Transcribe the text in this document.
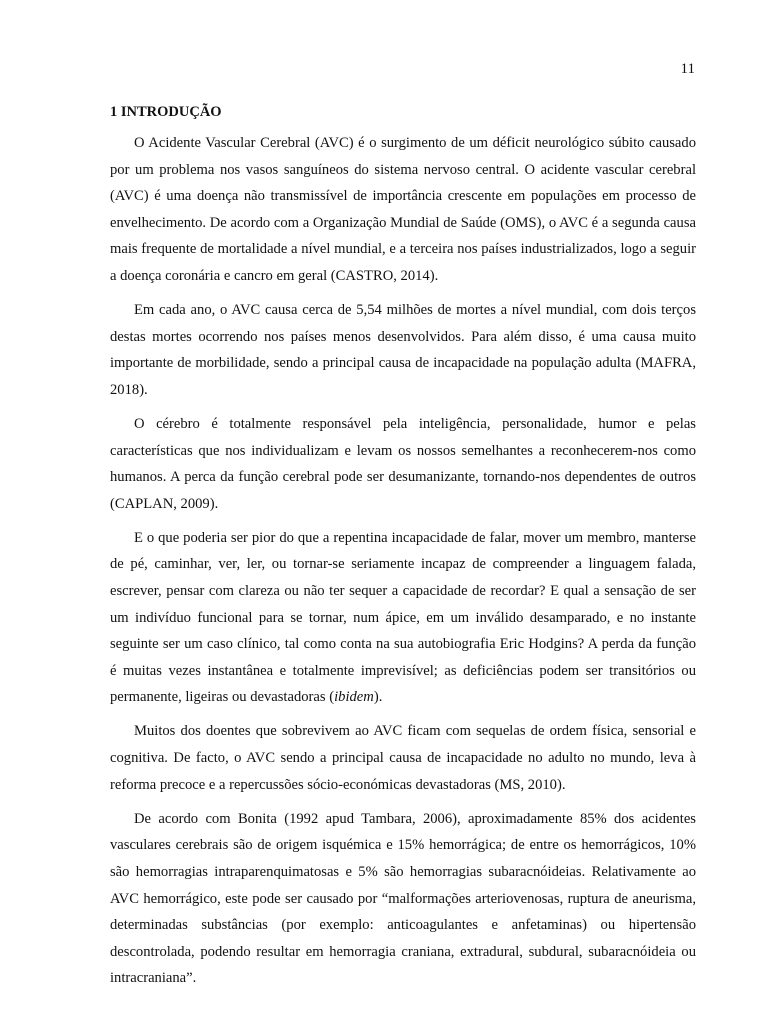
11
1 INTRODUÇÃO

O Acidente Vascular Cerebral (AVC) é o surgimento de um déficit neurológico súbito causado por um problema nos vasos sanguíneos do sistema nervoso central. O acidente vascular cerebral (AVC) é uma doença não transmissível de importância crescente em populações em processo de envelhecimento. De acordo com a Organização Mundial de Saúde (OMS), o AVC é a segunda causa mais frequente de mortalidade a nível mundial, e a terceira nos países industrializados, logo a seguir a doença coronária e cancro em geral (CASTRO, 2014).

Em cada ano, o AVC causa cerca de 5,54 milhões de mortes a nível mundial, com dois terços destas mortes ocorrendo nos países menos desenvolvidos. Para além disso, é uma causa muito importante de morbilidade, sendo a principal causa de incapacidade na população adulta (MAFRA, 2018).

O cérebro é totalmente responsável pela inteligência, personalidade, humor e pelas características que nos individualizam e levam os nossos semelhantes a reconhecerem-nos como humanos. A perca da função cerebral pode ser desumanizante, tornando-nos dependentes de outros (CAPLAN, 2009).

E o que poderia ser pior do que a repentina incapacidade de falar, mover um membro, manterse de pé, caminhar, ver, ler, ou tornar-se seriamente incapaz de compreender a linguagem falada, escrever, pensar com clareza ou não ter sequer a capacidade de recordar? E qual a sensação de ser um indivíduo funcional para se tornar, num ápice, em um inválido desamparado, e no instante seguinte ser um caso clínico, tal como conta na sua autobiografia Eric Hodgins? A perda da função é muitas vezes instantânea e totalmente imprevisível; as deficiências podem ser transitórios ou permanente, ligeiras ou devastadoras (ibidem).

Muitos dos doentes que sobrevivem ao AVC ficam com sequelas de ordem física, sensorial e cognitiva. De facto, o AVC sendo a principal causa de incapacidade no adulto no mundo, leva à reforma precoce e a repercussões sócio-económicas devastadoras (MS, 2010).

De acordo com Bonita (1992 apud Tambara, 2006), aproximadamente 85% dos acidentes vasculares cerebrais são de origem isquémica e 15% hemorrágica; de entre os hemorrágicos, 10% são hemorragias intraparenquimatosas e 5% são hemorragias subaracnóideias. Relativamente ao AVC hemorrágico, este pode ser causado por “malformações arteriovenosas, ruptura de aneurisma, determinadas substâncias (por exemplo: anticoagulantes e anfetaminas) ou hipertensão descontrolada, podendo resultar em hemorragia craniana, extradural, subdural, subaracnóideia ou intracraniana”.
